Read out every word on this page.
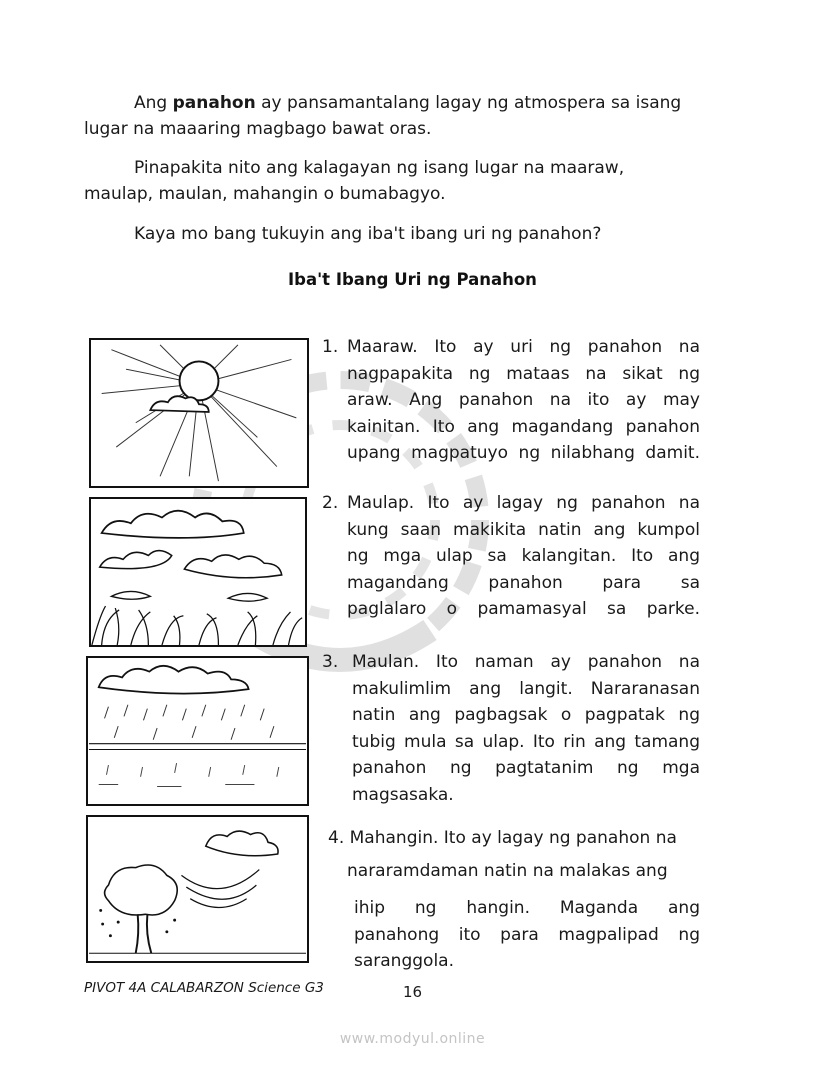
Ang panahon ay pansamantalang lagay ng atmospera sa isang
lugar na maaaring magbago bawat oras.
Pinapakita nito ang kalagayan ng isang lugar na maaraw,
maulap, maulan, mahangin o bumabagyo.
Kaya mo bang tukuyin ang iba't ibang uri ng panahon?
Iba't Ibang Uri ng Panahon
1. Maaraw. Ito ay uri ng panahon na
nagpapakita ng mataas na sikat ng
araw. Ang panahon na ito ay may
kainitan. Ito ang magandang panahon
upang magpatuyo ng nilabhang damit.
2. Maulap. Ito ay lagay ng panahon na
kung saan makikita natin ang kumpol
ng mga ulap sa kalangitan. Ito ang
magandang panahon para sa
paglalaro o pamamasyal sa parke.
3. Maulan. Ito naman ay panahon na
makulimlim ang langit. Nararanasan
natin ang pagbagsak o pagpatak ng
tubig mula sa ulap. Ito rin ang tamang
panahon ng pagtatanim ng mga
magsasaka.
4. Mahangin. Ito ay lagay ng panahon na
nararamdaman natin na malakas ang
ihip ng hangin. Maganda ang
panahong ito para magpalipad ng
saranggola.
PIVOT 4A CALABARZON Science G3	16
www.modyul.online
